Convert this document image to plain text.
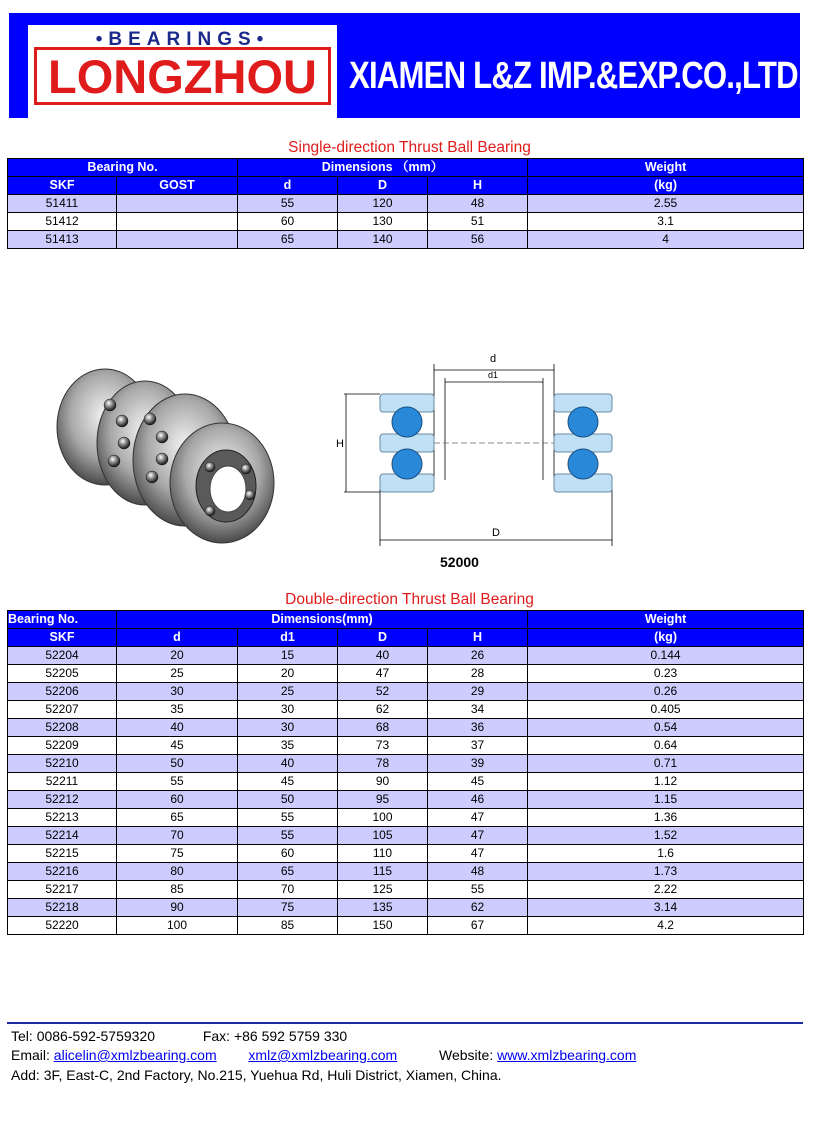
•BEARINGS•
LONGZHOU XIAMEN L&Z IMP.&EXP.CO.,LTD.
Single-direction Thrust Ball Bearing
Bearing No.		Dimensions （mm）			Weight
SKF	GOST	d	D	H	(kg)
51411		55	120	48	2.55
51412		60	130	51	3.1
51413		65	140	56	4
d
d1
H
D
52000
Double-direction Thrust Ball Bearing
Bearing No.	Dimensions(mm)				Weight
SKF	d	d1	D	H	(kg)
52204	20	15	40	26	0.144
52205	25	20	47	28	0.23
52206	30	25	52	29	0.26
52207	35	30	62	34	0.405
52208	40	30	68	36	0.54
52209	45	35	73	37	0.64
52210	50	40	78	39	0.71
52211	55	45	90	45	1.12
52212	60	50	95	46	1.15
52213	65	55	100	47	1.36
52214	70	55	105	47	1.52
52215	75	60	110	47	1.6
52216	80	65	115	48	1.73
52217	85	70	125	55	2.22
52218	90	75	135	62	3.14
52220	100	85	150	67	4.2
Tel: 0086-592-5759320	Fax: +86 592 5759 330
Email: alicelin@xmlzbearing.com xmlz@xmlzbearing.com	Website: www.xmlzbearing.com
Add: 3F, East-C, 2nd Factory, No.215, Yuehua Rd, Huli District, Xiamen, China.
